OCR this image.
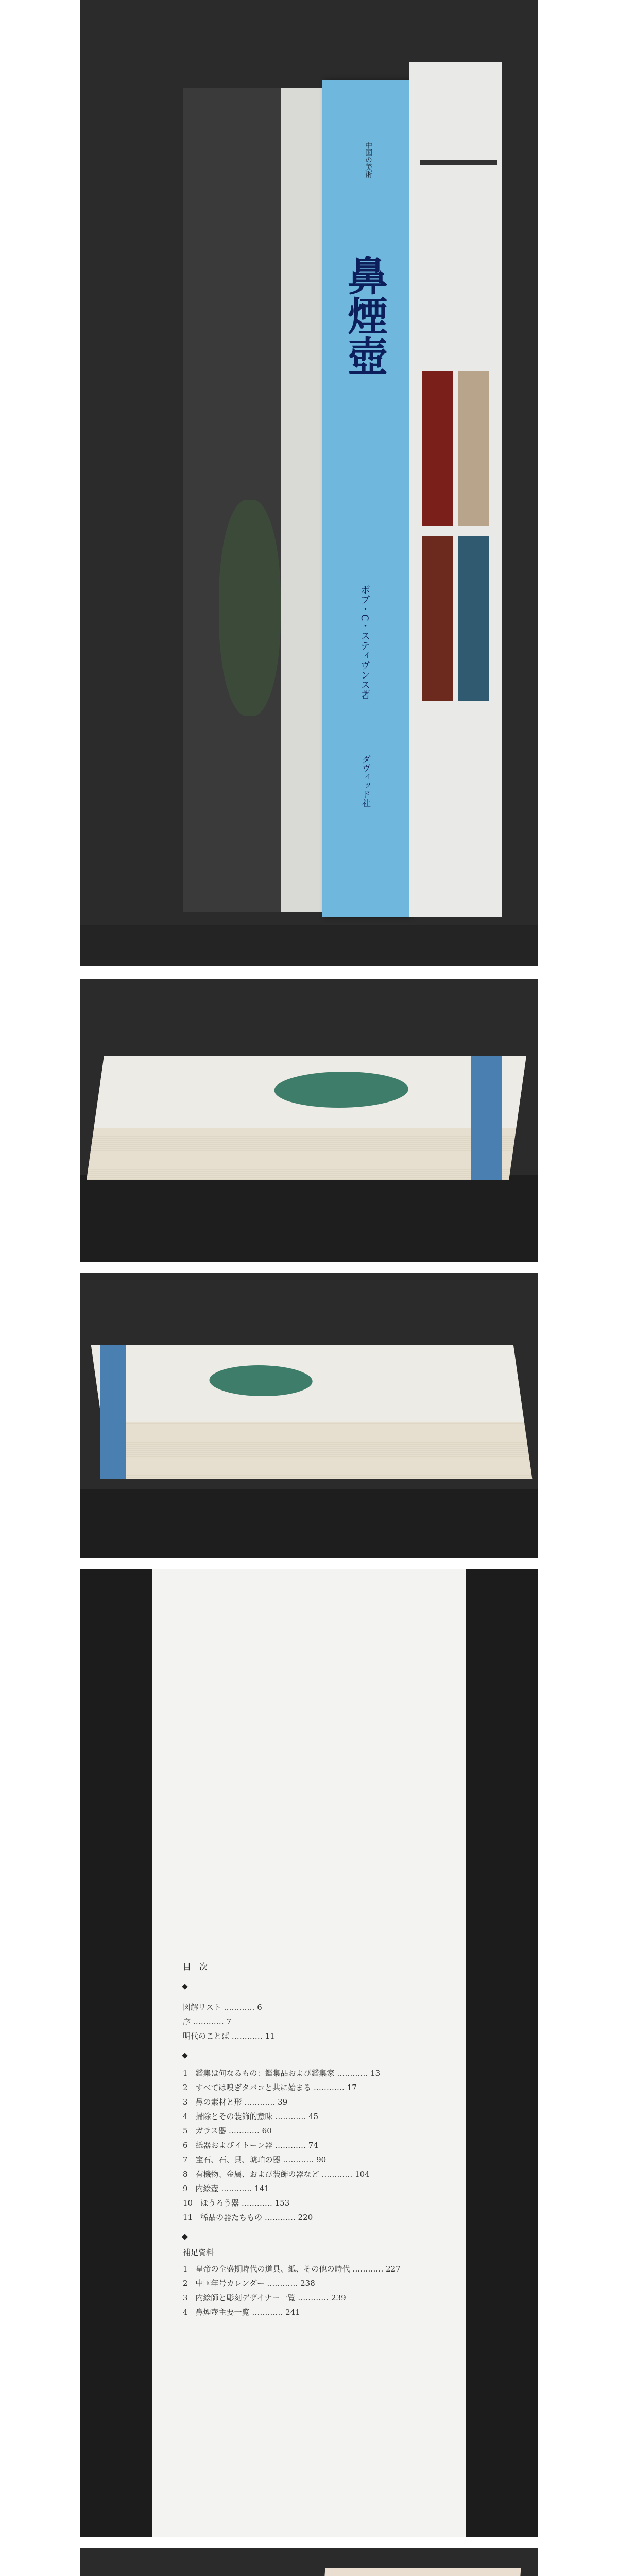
中国の美術
鼻煙壺
ボブ・C・スティヴンス著
ダヴィッド社
目　次
図解リスト ………… 6
序 ………… 7
明代のことば ………… 11
1　鑑集は何なるもの：鑑集品および鑑集家 ………… 13
2　すべては嗅ぎタバコと共に始まる ………… 17
3　鼻の素材と形 ………… 39
4　掃除とその装飾的意味 ………… 45
5　ガラス器 ………… 60
6　紙器およびイトーン器 ………… 74
7　宝石、石、貝、琥珀の器 ………… 90
8　有機物、金属、および装飾の器など ………… 104
9　内絵壺 ………… 141
10　ほうろう器 ………… 153
11　稀品の器たちもの ………… 220
補足資料
1　皇帝の全盛期時代の道具、紙、その他の時代 ………… 227
2　中国年号カレンダー ………… 238
3　内絵師と彫刻デザイナー一覧 ………… 239
4　鼻煙壺主要一覧 ………… 241
